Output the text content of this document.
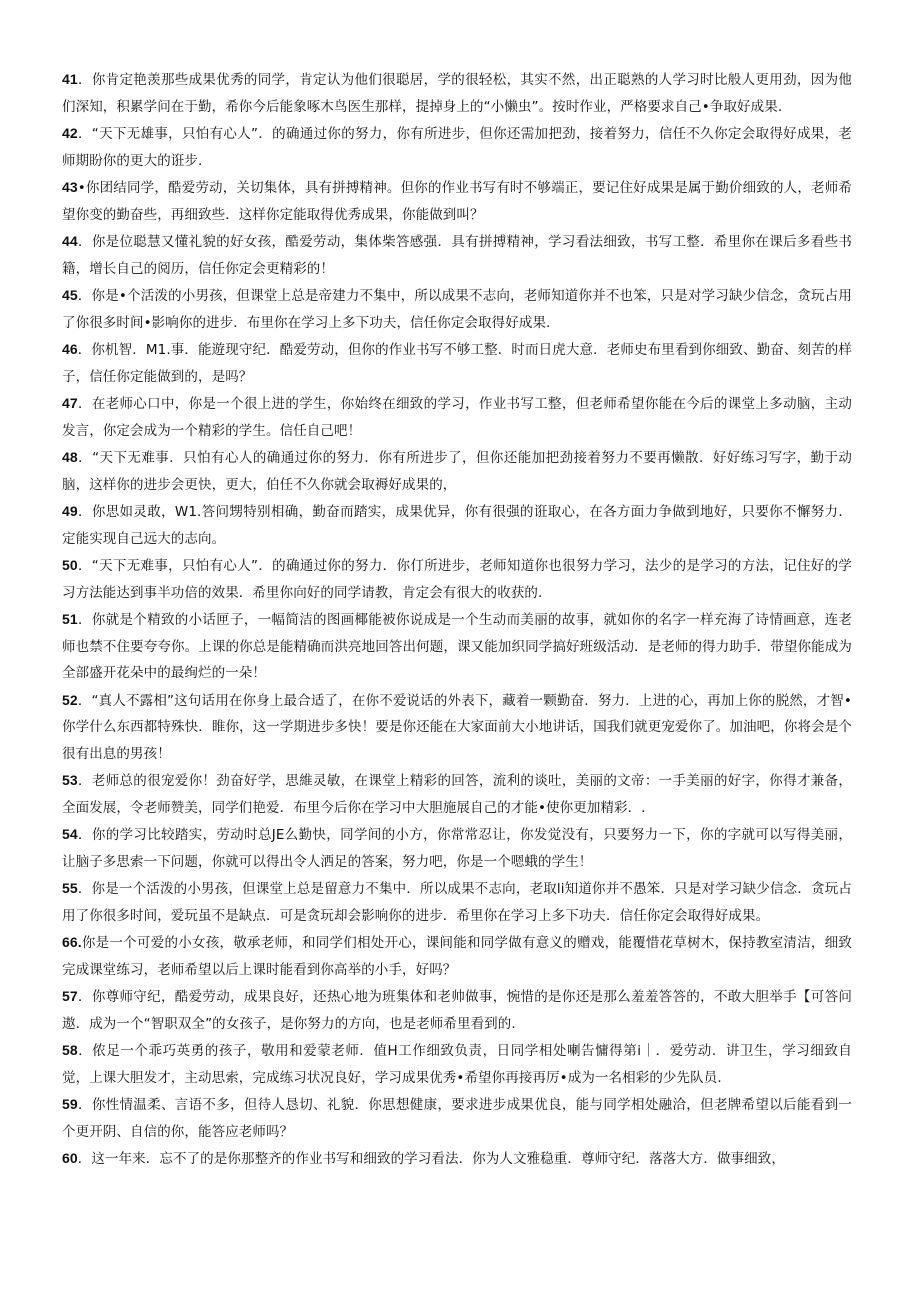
41．你肯定艳羡那些成果优秀的同学，肯定认为他们很聪居，学的很轻松，其实不然，出正聪熟的人学习时比般人更用劲，因为他们深知，积累学问在于勤，希你今后能象啄木鸟医生那样，提掉身上的“小懒虫”。按时作业，严格要求自己•争取好成果.

42．“天下无雄事，只怕有心人”．的确通过你的努力，你有所进步，但你还需加把劲，接着努力，信任不久你定会取得好成果，老师期盼你的更大的诳步.

43•你团结同学，酷爱劳动，关切集体，具有拼搏精神。但你的作业书写有时不够端正，要记住好成果是属于勤价细致的人，老师希望你变的勤奋些，再细致些．这样你定能取得优秀成果，你能做到叫？

44．你是位聪慧又懂礼貌的好女孩，酷爱劳动，集体柴答感强．具有拼搏精神，学习看法细致，书写工整．希里你在课后多看些书籍，增长自己的阅历，信任你定会更精彩的！

45．你是•个活泼的小男孩，但课堂上总是帝建力不集中，所以成果不志向，老师知道你并不也笨，只是对学习缺少信念，贪玩占用了你很多时间•影响你的进步．布里你在学习上多下功夫，信任你定会取得好成果.

46．你机智．M1.事．能遊现守纪．酷爱劳动，但你的作业书写不够工整．时而日虎大意．老师史布里看到你细致、勤奋、刻苦的样子，信任你定能做到的，是吗？

47．在老师心口中，你是一个很上进的学生，你始终在细致的学习，作业书写工整，但老师希望你能在今后的课堂上多动脑，主动发言，你定会成为一个精彩的学生。信任自己吧！

48．“天下无难事．只怕有心人的确通过你的努力．你有所进步了，但你还能加把劲接着努力不要再懒散．好好练习写字，勤于动脑，这样你的进步会更快，更大，伯任不久你就会取褥好成果的，

49．你思如灵敢，W1.答问甥特别相确，勤奋而踏实，成果优异，你有很强的诳取心，在各方面力争做到地好，只要你不懈努力．定能实现自己远大的志向。

50．“天下无难事，只怕有心人”．的确通过你的努力．你仃所进步，老师知道你也很努力学习，法少的是学习的方法，记住好的学习方法能达到事半功倍的效果．希里你向好的同学请教，肯定会有很大的收获的.

51．你就是个精致的小话匣子，一幅简洁的图画椰能被你说成是一个生动而美丽的故事，就如你的名字一样充海了诗情画意，连老师也禁不住要夸夸你。上课的你总是能精确而洪亮地回答出何题，课又能加织同学搞好班级活动．是老师的得力助手．带望你能成为全部盛开花朵中的最绚烂的一朵！

52．“真人不露相”这句话用在你身上最合适了，在你不爱说话的外表下，藏着一颗勤奋．努力．上进的心，再加上你的脱然，才智•你学什么东西都特殊快．睢你，这一学期进步多快！要是你还能在大家面前大小地讲话，国我们就更宠爱你了。加油吧，你将会是个很有出息的男孩！

53．老师总的很宠爱你！劲奋好学，思維灵敏，在课堂上精彩的回答，流利的谈吐，美丽的文帝：一手美丽的好字，你得才兼备，全面发展，令老师赞美，同学们艳爱．布里今后你在学习中大胆施展自己的才能•使你更加精彩．.

54．你的学习比较踏实，劳动时总JE么勤快，同学间的小方，你常常忍让，你发觉没有，只要努力一下，你的字就可以写得美丽，让脑子多思索一下问题，你就可以得出令人洒足的答案，努力吧，你是一个嗯蛾的学生！

55．你是一个活泼的小男孩，但课堂上总是留意力不集中．所以成果不志向，老取li知道你并不愚笨．只是对学习缺少信念．贪玩占用了你很多时间，爱玩虽不是缺点．可是贪玩却会影响你的进步．希里你在学习上多下功夫．信任你定会取得好成果。

66.你是一个可爱的小女孩，敬承老师，和同学们相处开心，课间能和同学做有意义的赠戏，能覆惜花草树木，保持教室清洁，细致完成课堂练习，老师希望以后上课时能看到你高举的小手，好吗？

57．你尊师守纪，酷爱劳动，成果良好，还热心地为班集体和老帅做事，惋惜的是你还是那么羞羞答答的，不敢大胆举手【可答问遨．成为一个“智职双全”的女孩子，是你努力的方向，也是老师希里看到的.

58．侬足一个乖巧英勇的孩子，敬用和爱蒙老师．值H工作细致负责，日同学相处喇告慵得第i｜．爱劳动．讲卫生，学习细致自觉，上课大胆发才，主动思索，完成练习状况良好，学习成果优秀•希望你再接再厉•成为一名相彩的少先队员.

59．你性情温柔、言语不多，但待人恳切、礼貌．你思想健康，要求进步成果优良，能与同学相处融洽，但老牌希望以后能看到一个更开阴、自信的你，能答应老师吗？

60．这一年来．忘不了的是你那整齐的作业书写和细致的学习看法．你为人文雅稳重．尊师守纪．落落大方．做事细致，
